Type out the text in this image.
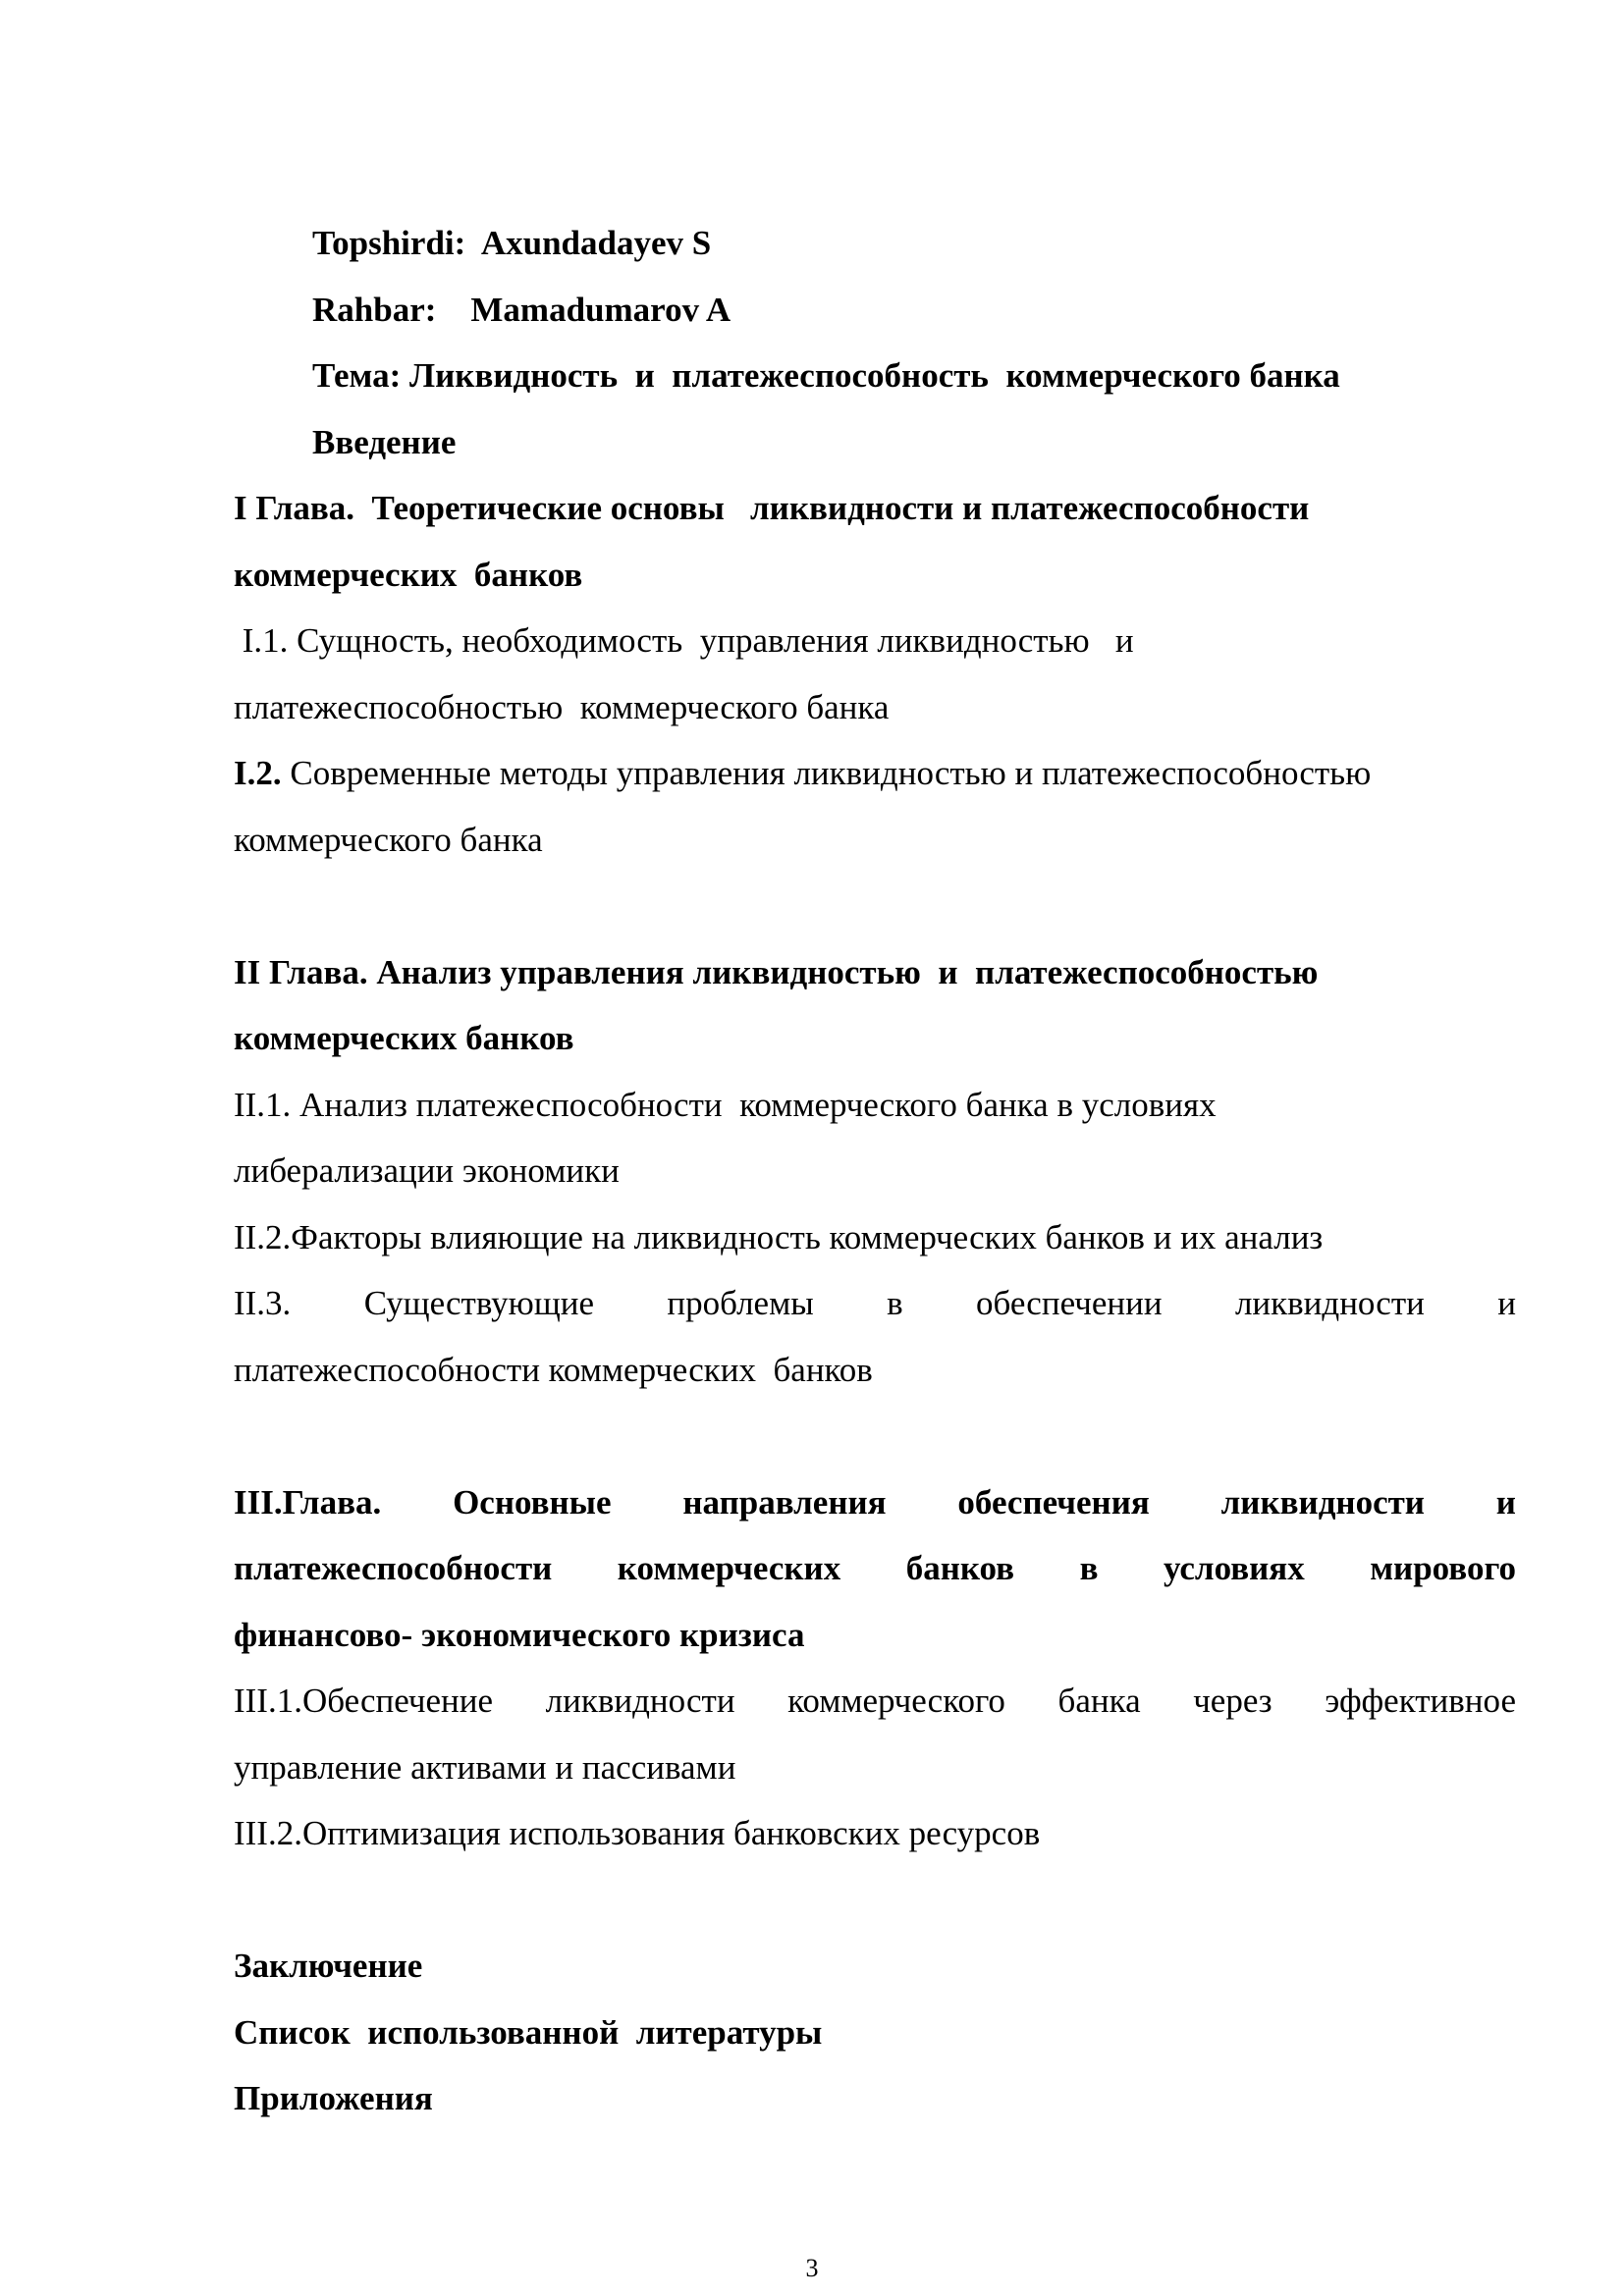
Topshirdi:  Axundadayev S
Rahbar:    Mamadumarov A
Тема: Ликвидность  и  платежеспособность  коммерческого банка
Введение
I Глава.  Теоретические основы   ликвидности и платежеспособности
коммерческих  банков
I.1. Сущность, необходимость  управления ликвидностью   и
платежеспособностью  коммерческого банка
I.2. Современные методы управления ликвидностью и платежеспособностью
коммерческого банка
II Глава. Анализ управления ликвидностью  и  платежеспособностью
коммерческих банков
II.1. Анализ платежеспособности  коммерческого банка в условиях
либерализации экономики
II.2.Факторы влияющие на ликвидность коммерческих банков и их анализ
II.3. Существующие проблемы в обеспечении ликвидности и
платежеспособности коммерческих  банков
III.Глава. Основные направления обеспечения ликвидности и
платежеспособности коммерческих банков в условиях мирового
финансово- экономического кризиса
III.1.Обеспечение ликвидности коммерческого банка через эффективное
управление активами и пассивами
III.2.Оптимизация использования банковских ресурсов
Заключение
Список  использованной  литературы
Приложения
3
